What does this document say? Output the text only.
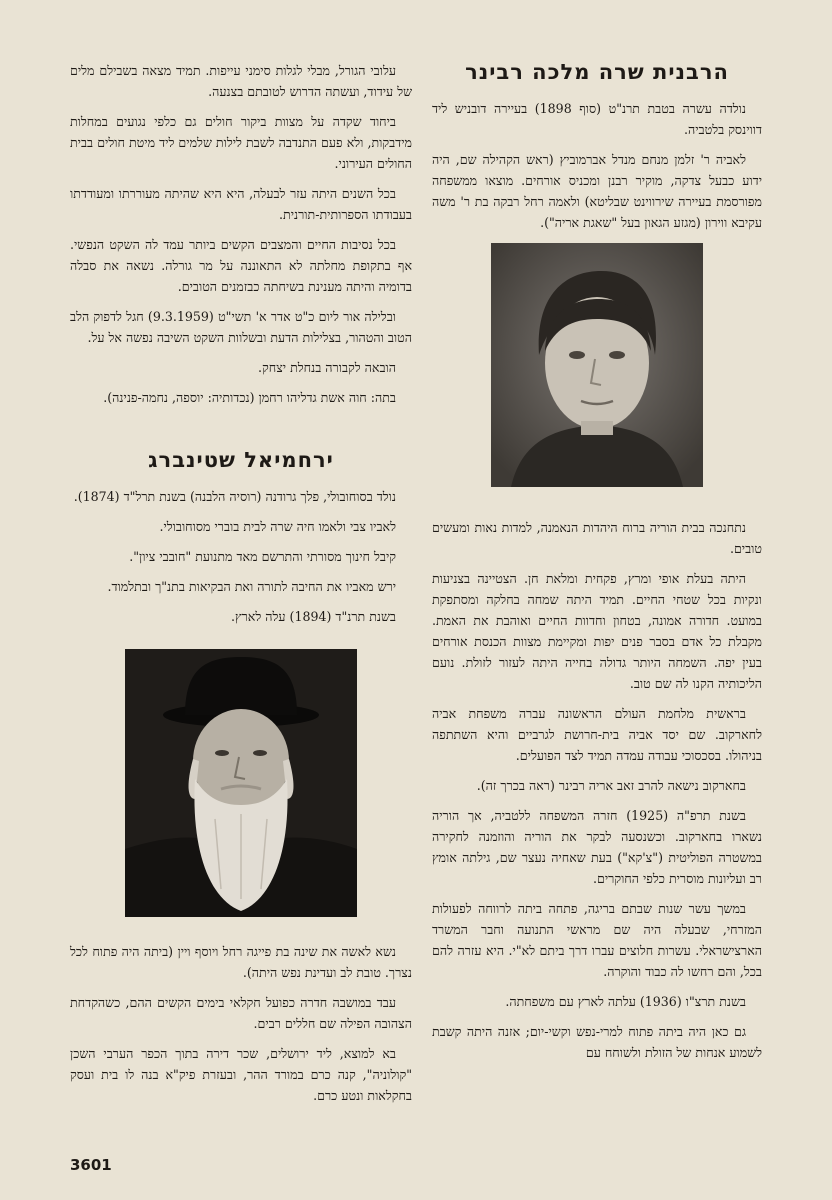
הרבנית שרה מלכה רבינר

נולדה עשרה בטבת תרנ"ט (סוף 1898) בעיירה דובניש ליד דווינסק בלטביה.

לאביה ר' זלמן מנחם מנדל אברמוביץ (ראש הקהילה שם, היה ידוע כבעל צדקה, מוקיר רבנן ומכניס אורחים. מוצאו ממשפחה מפורסמת בעיירה שירווינט שבליטא) ולאמה רחל רבקה בת ר' משה עקיבא ווירון (מגזע הגאון בעל "שאגת אריה").

נתחנכה בבית הוריה ברוח היהדות הנאמנה, למדות נאות ומעשים טובים.

היתה בעלת אופי ומרץ, פקחית ומלאת חן. הצטיינה בצניעות ונקיות בכל שטחי החיים. תמיד היתה שמחה בחלקה ומסתפקת במועט. חדורה אמונה, בטחון וחדוות החיים ואוהבת את האמת. מקבלת כל אדם בסבר פנים יפות ומקיימת מצוות הכנסת אורחים בעין יפה. השמחה היותר גדולה בחייה היתה לעזור לזולת. נועם הליכותיה הקנו לה שם טוב.

בראשית מלחמת העולם הראשונה עברה משפחת אביה לחארקוב. שם יסד אביה בית-חרושת לגרביים והיא השתתפה בניהולו. בסכסוכי עבודה עמדה תמיד לצד הפועלים.

בחארקוב נישאה להרב זאב אריה רבינר (ראה בכרך זה).

בשנת תרפ"ה (1925) חזרה המשפחה ללטביה, אך הוריה נשארו בחארקוב. וכשנסעה לבקר את הוריה והוזמנה לחקירה במשטרה הפוליטית ("צ'קא") בעת שאחיה נעצר שם, גילתה אומץ רב ועליונות מוסרית כלפי החוקרים.

במשך עשר שנות שבתם בריגה, פתחה ביתה לרווחה לפעולות המזרחי, שבעלה היה שם מראשי התנועה וחבר המשרד הארצישראלי. עשרות חלוצים עברו דרך ביתם לא"י. היא עזרה להם בכל, והם רחשו לה כבוד והוקרה.

בשנת תרצ"ו (1936) עלתה לארץ עם משפחתה.

גם כאן היה ביתה פתוח למרי-נפש וקשי-יום; אזנה היתה קשבת לשמוע אנחות של הזולת ולשוחח עם

עלובי הגורל, מבלי לגלות סימני עייפות. תמיד מצאה בשבילם מלים של עידוד, ועשתה הדרוש לטובתם בצנעה.

ביחוד שקדה על מצוות ביקור חולים גם כלפי נגועים במחלות מידבקות, ולא פעם התנדבה לשבת לילות שלמים ליד מיטת חולים בבית החולים העירוני.

בכל השנים היתה עזר לבעלה, היא היא שהיתה מעוררתו ומעודדתו בעבודתו הספרותית-תורנית.

בכל נסיבות החיים והמצבים הקשים ביותר עמד לה השקט הנפשי. אף בתקופת מחלתה לא התאוננה על מר גורלה. נשאה את סבלה בדומיה והיתה מענינת בשיחתה כבזמנים הטובים.

ובלילה אור ליום כ"ט אדר א' תשי"ט (9.3.1959) חגל לדפוק הלב הטוב והטהור, בצלילות הדעת ובשלוות השקט השיבה נפשה אל על.

הובאה לקבורה בנחלת יצחק.

בתה: חוה אשת גדליהו רחמן (נכדותיה: יוספה, נחמה-פנינה).

ירחמיאל שטינברג

נולד בסוחובולי, פלך גרודנה (רוסיה הלבנה) בשנת תרל"ד (1874).

לאביו צבי ולאמו חיה שרה לבית בוברי מסוחובולי.

קיבל חינוך מסורתי והתרשם מאד מתנועת "חובבי ציון".

ירש מאביו את החיבה לתורה ואת הבקיאות בתנ"ך ובתלמוד.

בשנת תרנ"ד (1894) עלה לארץ.

נשא לאשה את שינה בת פייגה רחל ויוסף ויין (ביתה היה פתוח לכל נצרך. טובת לב ועדינת נפש היתה).

עבד במושבה חדרה כפועל חקלאי בימים הקשים ההם, כשהקדחת הצהובה הפילה שם חללים רבים.

בא למוצא, ליד ירושלים, שכר דירה בתוך הכפר הערבי השכן "קולוניה", קנה כרם במורד ההר, ובעזרת פיק"א בנה לו בית ועסק בחקלאות ונטע כרם.

3601
